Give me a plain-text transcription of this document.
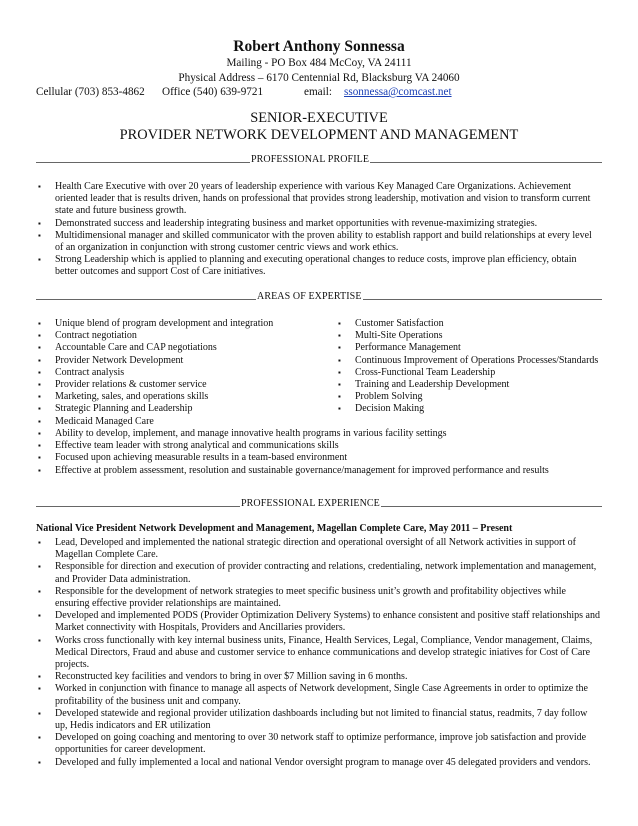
Robert Anthony Sonnessa
Mailing - PO Box 484 McCoy, VA 24111
Physical Address – 6170 Centennial Rd, Blacksburg VA 24060
Cellular (703) 853-4862 Office (540) 639-9721	email: ssonnessa@comcast.net
SENIOR-EXECUTIVE
PROVIDER NETWORK DEVELOPMENT AND MANAGEMENT
PROFESSIONAL PROFILE
▪ Health Care Executive with over 20 years of leadership experience with various Key Managed Care Organizations. Achievement oriented leader that is results driven, hands on professional that provides strong leadership, motivation and vision to transform current state and future business growth.
▪ Demonstrated success and leadership integrating business and market opportunities with revenue-maximizing strategies.
▪ Multidimensional manager and skilled communicator with the proven ability to establish rapport and build relationships at every level of an organization in conjunction with strong customer centric views and work ethics.
▪ Strong Leadership which is applied to planning and executing operational changes to reduce costs, improve plan efficiency, obtain better outcomes and support Cost of Care initiatives.
AREAS OF EXPERTISE
▪ Unique blend of program development and integration
▪ Contract negotiation
▪ Accountable Care and CAP negotiations
▪ Provider Network Development
▪ Contract analysis
▪ Provider relations & customer service
▪ Marketing, sales, and operations skills
▪ Strategic Planning and Leadership
▪ Medicaid Managed Care
▪ Customer Satisfaction
▪ Multi-Site Operations
▪ Performance Management
▪ Continuous Improvement of Operations Processes/Standards
▪ Cross-Functional Team Leadership
▪ Training and Leadership Development
▪ Problem Solving
▪ Decision Making
▪ Ability to develop, implement, and manage innovative health programs in various facility settings
▪ Effective team leader with strong analytical and communications skills
▪ Focused upon achieving measurable results in a team-based environment
▪ Effective at problem assessment, resolution and sustainable governance/management for improved performance and results
PROFESSIONAL EXPERIENCE
National Vice President Network Development and Management, Magellan Complete Care, May 2011 – Present
▪ Lead, Developed and implemented the national strategic direction and operational oversight of all Network activities in support of Magellan Complete Care.
▪ Responsible for direction and execution of provider contracting and relations, credentialing, network implementation and management, and Provider Data administration.
▪ Responsible for the development of network strategies to meet specific business unit’s growth and profitability objectives while ensuring effective provider relationships are maintained.
▪ Developed and implemented PODS (Provider Optimization Delivery Systems) to enhance consistent and positive staff relationships and Market connectivity with Hospitals, Providers and Ancillaries providers.
▪ Works cross functionally with key internal business units, Finance, Health Services, Legal, Compliance, Vendor management, Claims, Medical Directors, Fraud and abuse and customer service to enhance communications and develop strategic iniatives for Cost of Care projects.
▪ Reconstructed key facilities and vendors to bring in over $7 Million saving in 6 months.
▪ Worked in conjunction with finance to manage all aspects of Network development, Single Case Agreements in order to optimize the profitability of the business unit and company.
▪ Developed statewide and regional provider utilization dashboards including but not limited to financial status, readmits, 7 day follow up, Hedis indicators and ER utilization
▪ Developed on going coaching and mentoring to over 30 network staff to optimize performance, improve job satisfaction and provide opportunities for career development.
▪ Developed and fully implemented a local and national Vendor oversight program to manage over 45 delegated providers and vendors.
